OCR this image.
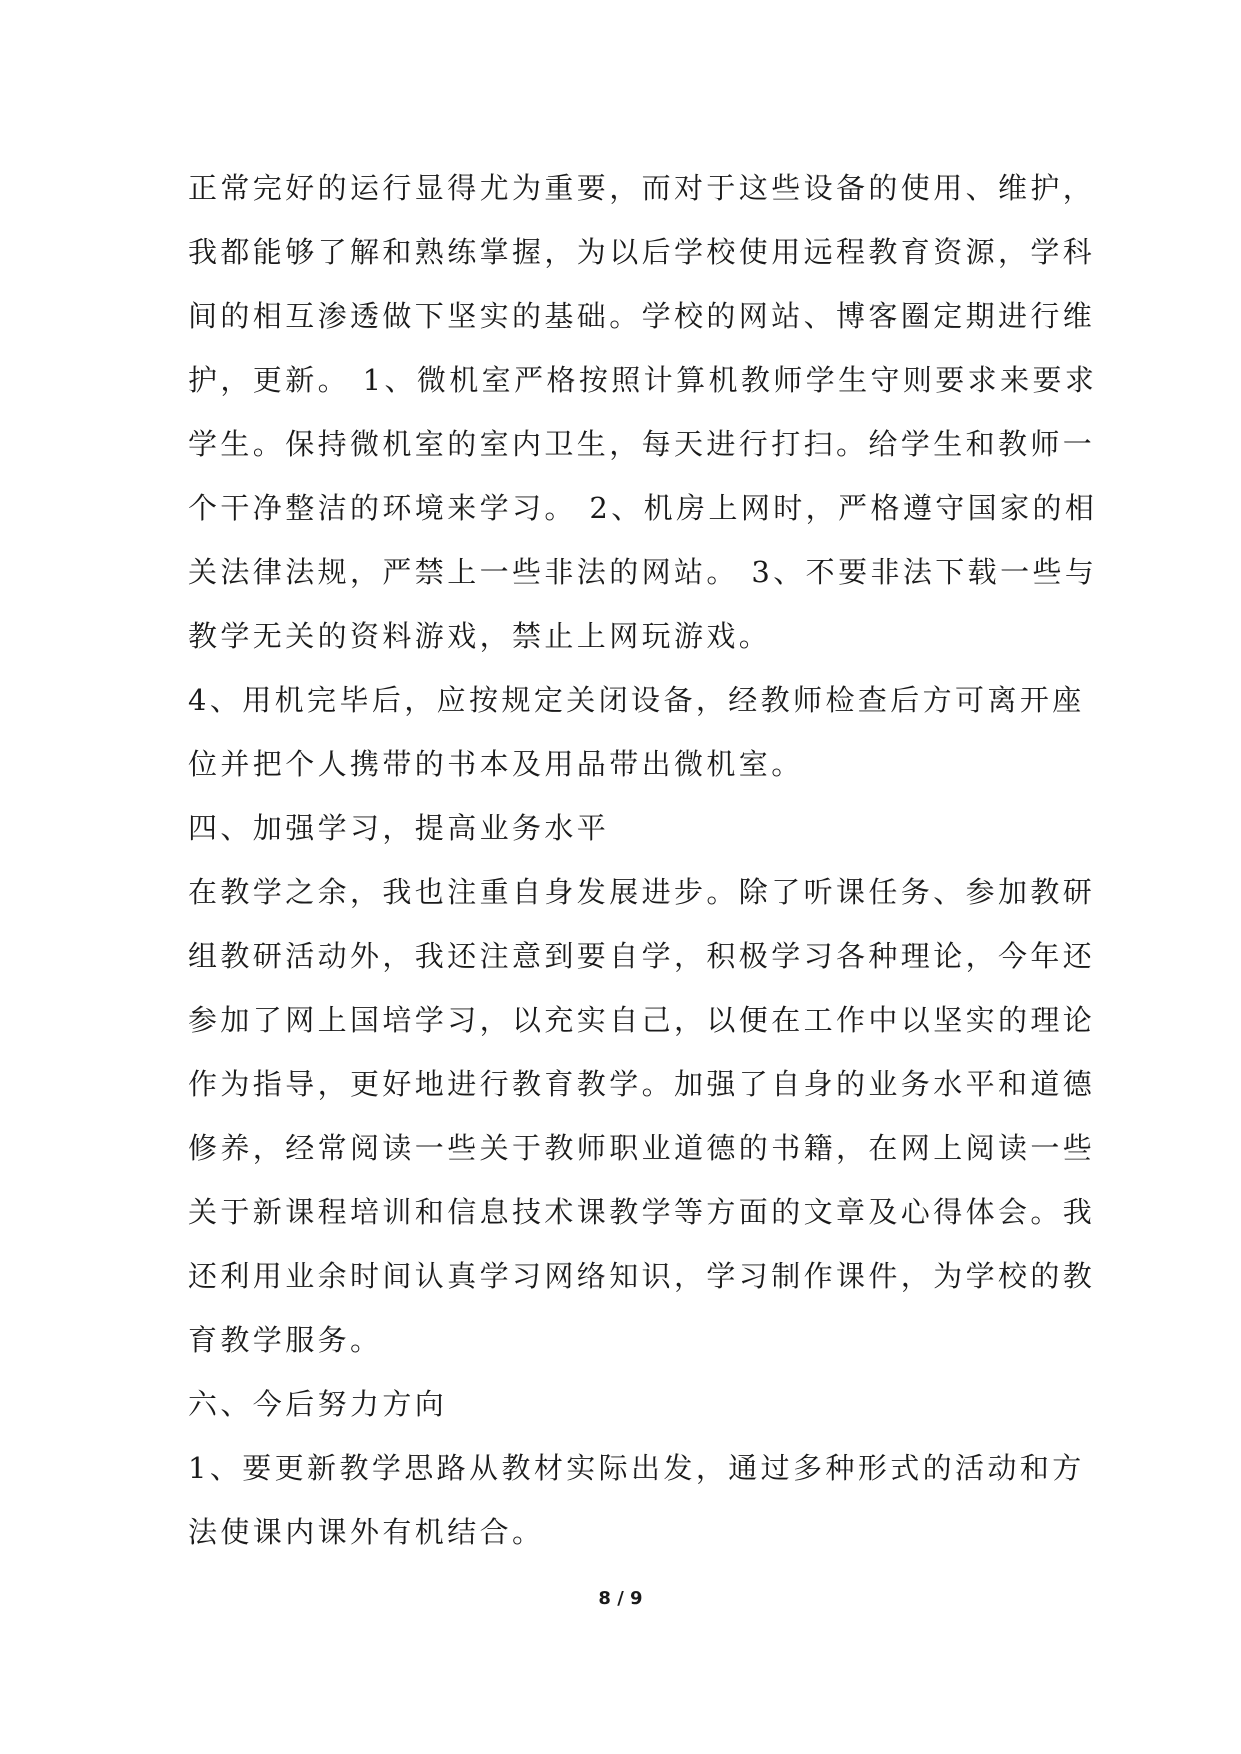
正常完好的运行显得尤为重要，而对于这些设备的使用、维护，
我都能够了解和熟练掌握，为以后学校使用远程教育资源，学科
间的相互渗透做下坚实的基础。学校的网站、博客圈定期进行维
护，更新。 1、微机室严格按照计算机教师学生守则要求来要求
学生。保持微机室的室内卫生，每天进行打扫。给学生和教师一
个干净整洁的环境来学习。 2、机房上网时，严格遵守国家的相
关法律法规，严禁上一些非法的网站。 3、不要非法下载一些与
教学无关的资料游戏，禁止上网玩游戏。
4、用机完毕后，应按规定关闭设备，经教师检查后方可离开座
位并把个人携带的书本及用品带出微机室。
四、加强学习，提高业务水平
在教学之余，我也注重自身发展进步。除了听课任务、参加教研
组教研活动外，我还注意到要自学，积极学习各种理论，今年还
参加了网上国培学习，以充实自己，以便在工作中以坚实的理论
作为指导，更好地进行教育教学。加强了自身的业务水平和道德
修养，经常阅读一些关于教师职业道德的书籍，在网上阅读一些
关于新课程培训和信息技术课教学等方面的文章及心得体会。我
还利用业余时间认真学习网络知识，学习制作课件，为学校的教
育教学服务。
六、今后努力方向
1、要更新教学思路从教材实际出发，通过多种形式的活动和方
法使课内课外有机结合。
8 / 9
